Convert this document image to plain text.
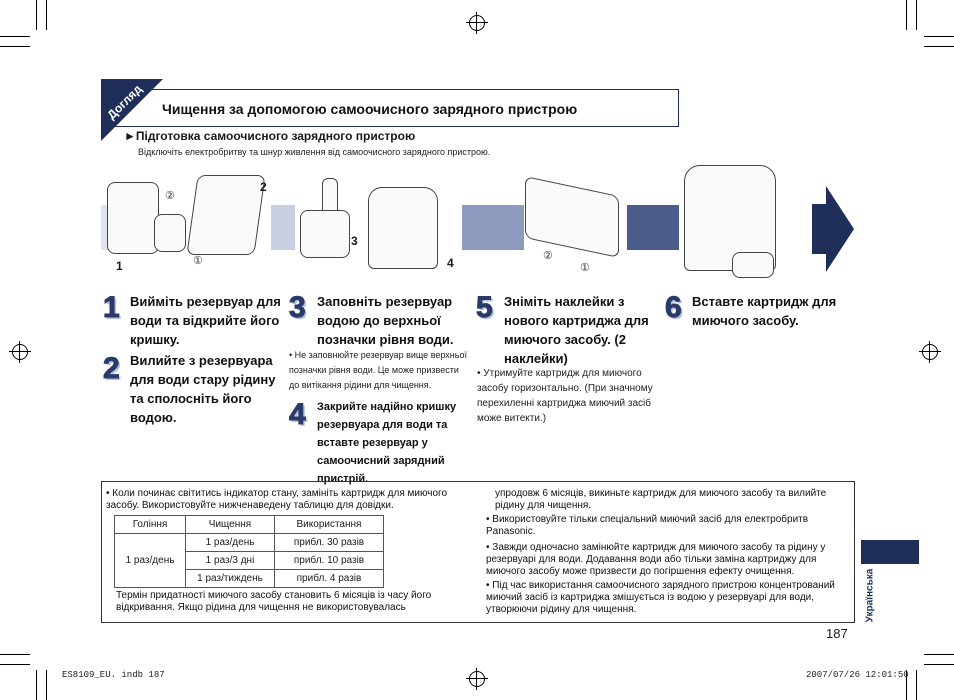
Догляд Чищення за допомогою самоочисного зарядного пристрою
►Підготовка самоочисного зарядного пристрою
Відключіть електробритву та шнур живлення від самоочисного зарядного пристрою.
1
2
②
①
3
4	②
①
1 Вийміть резервуар для води та відкрийте його кришку.
2 Вилийте з резервуара для води стару рідину та сполосніть його водою.
3 Заповніть резервуар водою до верхньої позначки рівня води.
• Не заповнюйте резервуар вище верхньої позначки рівня води. Це може призвести до витікання рідини для чищення.
4 Закрийте надійно кришку резервуара для води та вставте резервуар у самоочисний зарядний пристрій.
5 Зніміть наклейки з нового картриджа для миючого засобу. (2 наклейки)
• Утримуйте картридж для миючого засобу горизонтально. (При значному перехиленні картриджа миючий засіб може витекти.)
6 Вставте картридж для миючого засобу.
• Коли починає світитись індикатор стану, замініть картридж для миючого засобу. Використовуйте нижченаведену таблицю для довідки.
Гоління	Чищення	Використання
1 раз/день	1 раз/день	прибл. 30 разів
	1 раз/3 дні	прибл. 10 разів
	1 раз/тиждень	прибл. 4 разів
Термін придатності миючого засобу становить 6 місяців із часу його відкривання. Якщо рідина для чищення не використовувалась
упродовж 6 місяців, викиньте картридж для миючого засобу та вилийте рідину для чищення.
• Використовуйте тільки спеціальний миючий засіб для електробритв Panasonic.
• Завжди одночасно замінюйте картридж для миючого засобу та рідину у резервуарі для води. Додавання води або тільки заміна картриджу для миючого засобу може призвести до погіршення ефекту очищення.
• Під час використання самоочисного зарядного пристрою концентрований миючий засіб із картриджа змішується із водою у резервуарі для води, утворюючи рідину для чищення.	Українська
187
ES8109_EU. indb 187	2007/07/26 12:01:50
